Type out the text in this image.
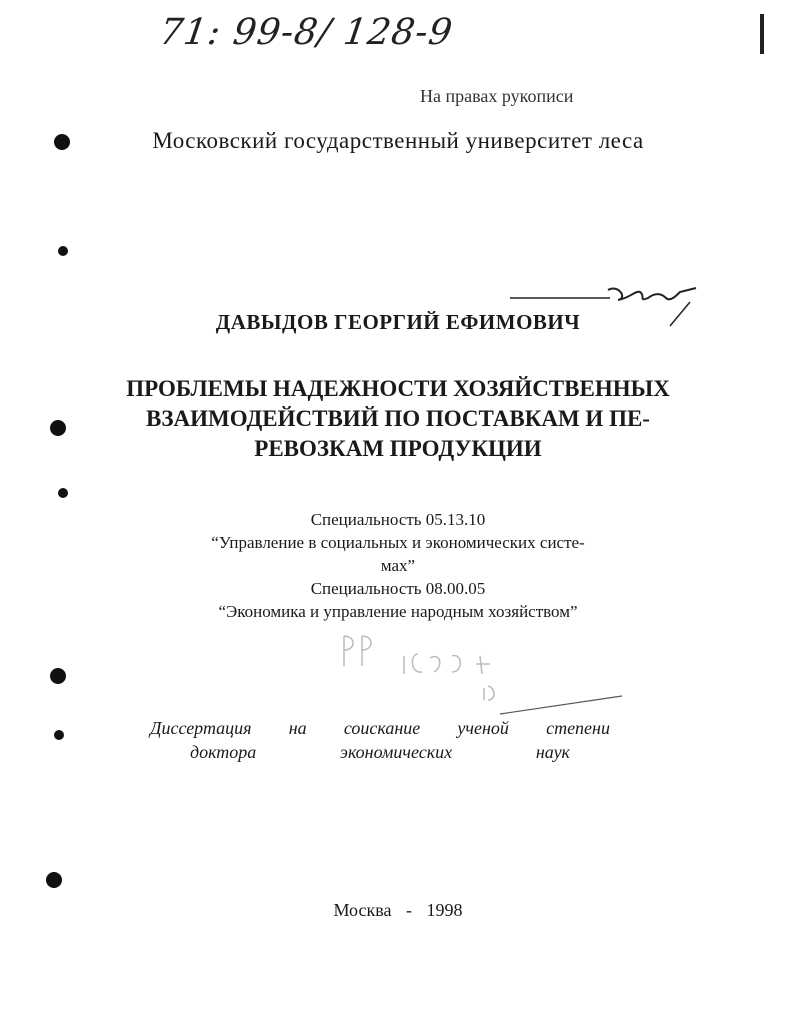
71: 99-8/ 128-9
На правах рукописи
Московский государственный университет леса
ДАВЫДОВ ГЕОРГИЙ ЕФИМОВИЧ
ПРОБЛЕМЫ НАДЕЖНОСТИ ХОЗЯЙСТВЕННЫХ
ВЗАИМОДЕЙСТВИЙ ПО ПОСТАВКАМ И ПЕ-
РЕВОЗКАМ ПРОДУКЦИИ
Специальность 05.13.10
“Управление в социальных и экономических систе-
мах”
Специальность 08.00.05
“Экономика и управление народным хозяйством”
Диссертация на соискание ученой степени
доктора	экономических	наук
Москва - 1998
